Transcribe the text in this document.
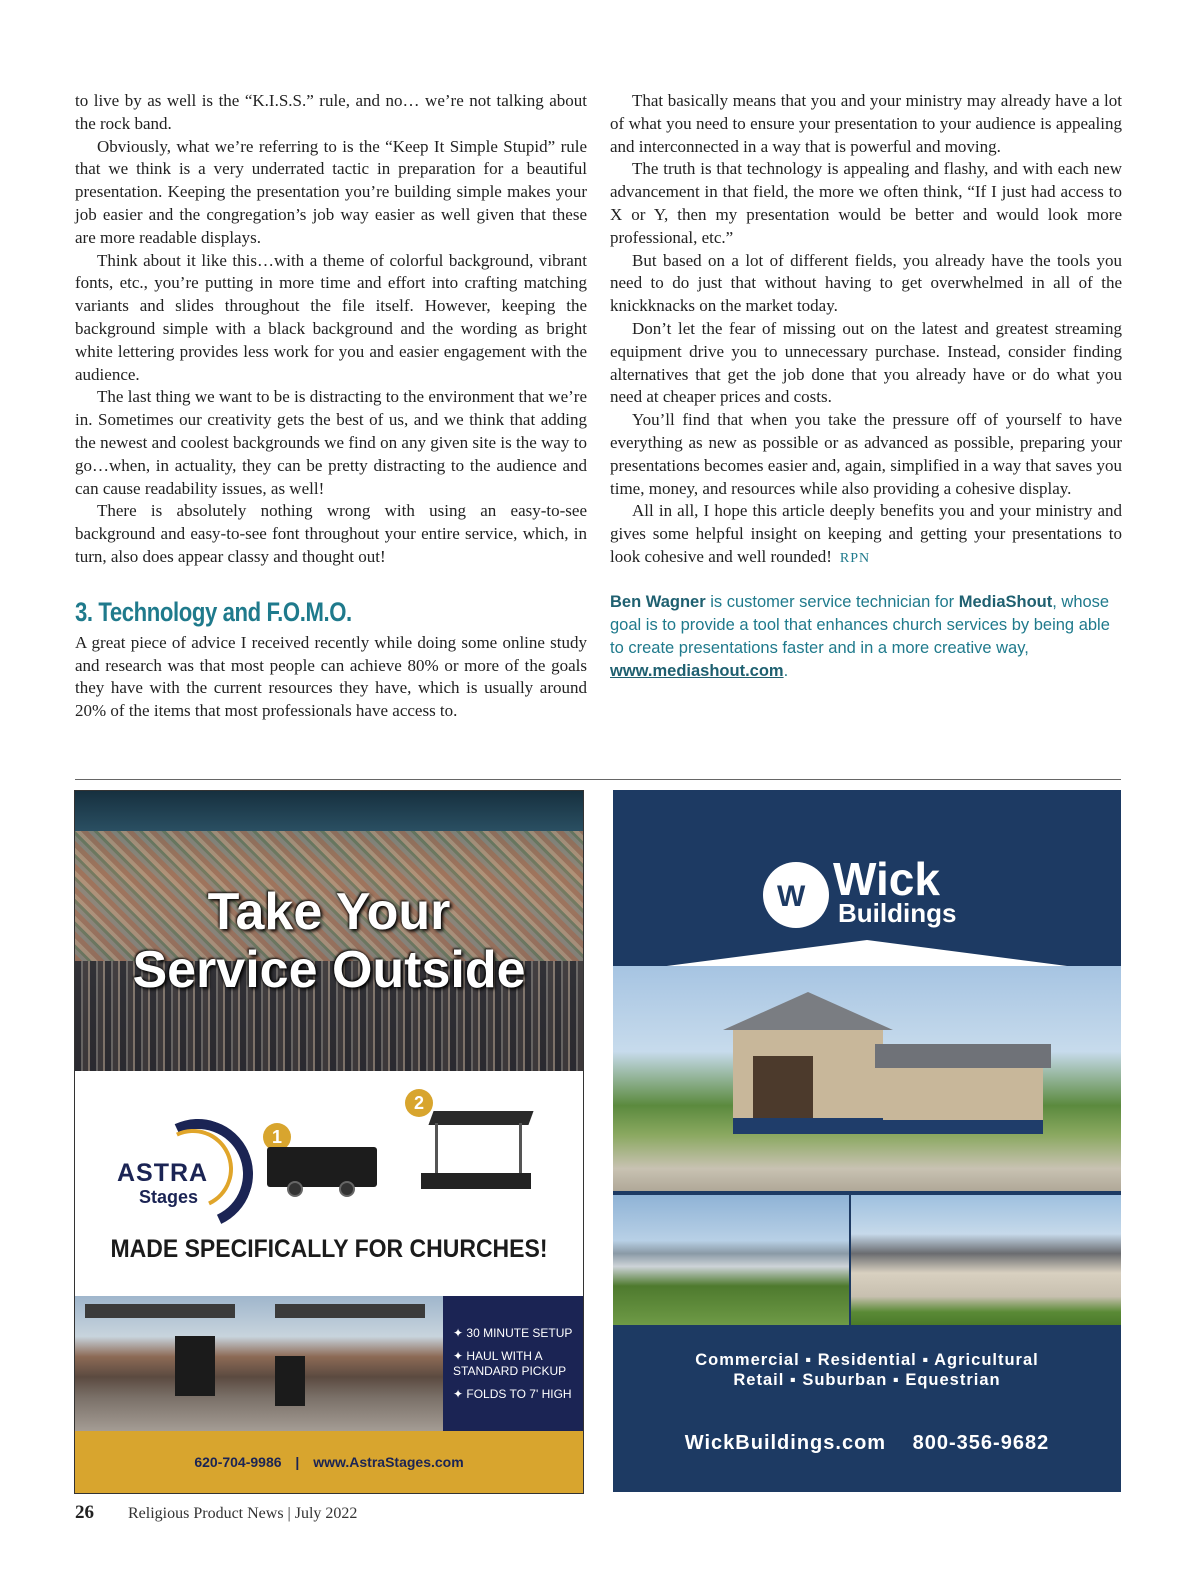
to live by as well is the “K.I.S.S.” rule, and no… we’re not talking about the rock band.

Obviously, what we’re referring to is the “Keep It Simple Stupid” rule that we think is a very underrated tactic in preparation for a beautiful presentation. Keeping the presentation you’re building simple makes your job easier and the congregation’s job way easier as well given that these are more readable displays.

Think about it like this…with a theme of colorful background, vibrant fonts, etc., you’re putting in more time and effort into crafting matching variants and slides throughout the file itself. However, keeping the background simple with a black background and the wording as bright white lettering provides less work for you and easier engagement with the audience.

The last thing we want to be is distracting to the environment that we’re in. Sometimes our creativity gets the best of us, and we think that adding the newest and coolest backgrounds we find on any given site is the way to go…when, in actuality, they can be pretty distracting to the audience and can cause readability issues, as well!

There is absolutely nothing wrong with using an easy-to-see background and easy-to-see font throughout your entire service, which, in turn, also does appear classy and thought out!

3. Technology and F.O.M.O.

A great piece of advice I received recently while doing some online study and research was that most people can achieve 80% or more of the goals they have with the current resources they have, which is usually around 20% of the items that most professionals have access to.

That basically means that you and your ministry may already have a lot of what you need to ensure your presentation to your audience is appealing and interconnected in a way that is powerful and moving.

The truth is that technology is appealing and flashy, and with each new advancement in that field, the more we often think, “If I just had access to X or Y, then my presentation would be better and would look more professional, etc.”

But based on a lot of different fields, you already have the tools you need to do just that without having to get overwhelmed in all of the knickknacks on the market today.

Don’t let the fear of missing out on the latest and greatest streaming equipment drive you to unnecessary purchase. Instead, consider finding alternatives that get the job done that you already have or do what you need at cheaper prices and costs.

You’ll find that when you take the pressure off of yourself to have everything as new as possible or as advanced as possible, preparing your presentations becomes easier and, again, simplified in a way that saves you time, money, and resources while also providing a cohesive display.

All in all, I hope this article deeply benefits you and your ministry and gives some helpful insight on keeping and getting your presentations to look cohesive and well rounded! RPN

Ben Wagner is customer service technician for MediaShout, whose goal is to provide a tool that enhances church services by being able to create presentations faster and in a more creative way, www.mediashout.com.
Take Your
Service Outside
ASTRA
Stages
1
2
MADE SPECIFICALLY FOR CHURCHES!
✦ 30 MINUTE SETUP
✦ HAUL WITH A STANDARD PICKUP
✦ FOLDS TO 7' HIGH
620-704-9986 | www.AstraStages.com
W Wick
Buildings
Commercial ▪ Residential ▪ Agricultural
Retail ▪ Suburban ▪ Equestrian
WickBuildings.com 800-356-9682
26 Religious Product News | July 2022
